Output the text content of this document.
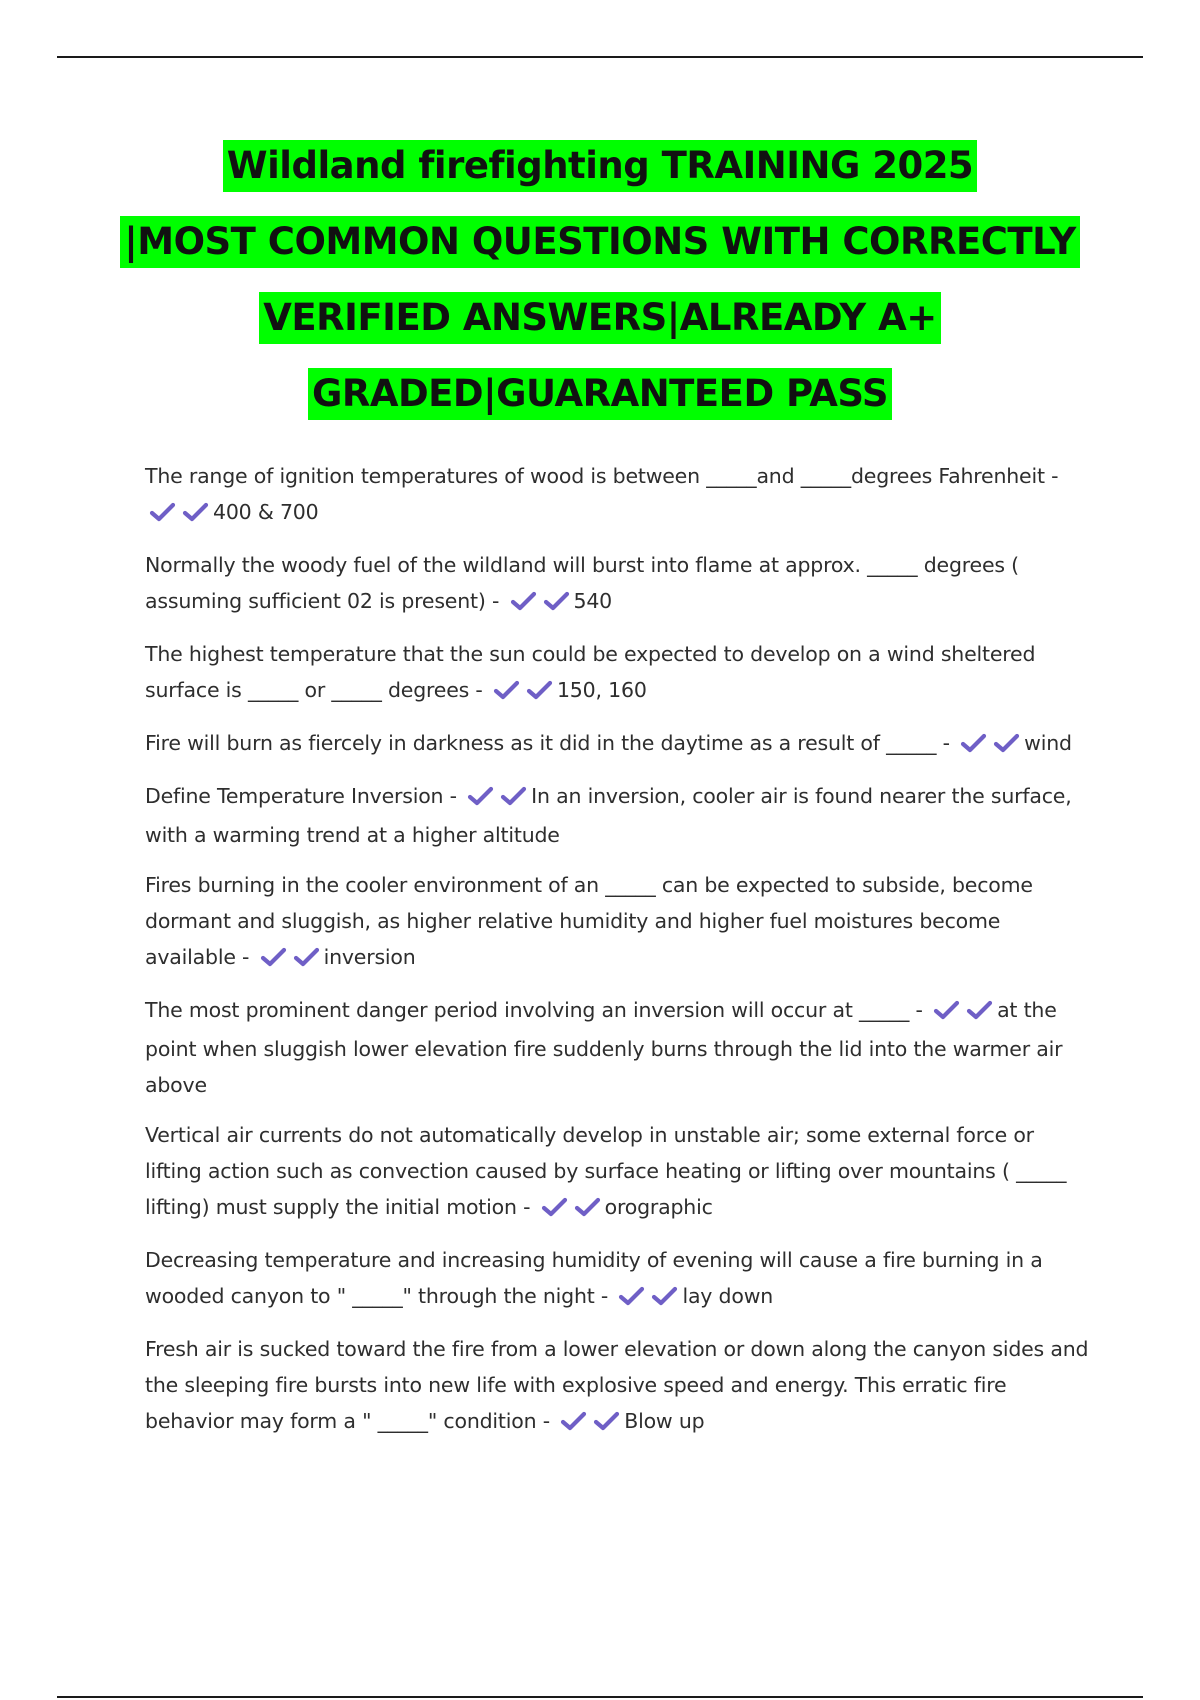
Wildland firefighting TRAINING 2025
|MOST COMMON QUESTIONS WITH CORRECTLY
VERIFIED ANSWERS|ALREADY A+
GRADED|GUARANTEED PASS

The range of ignition temperatures of wood is between _____and _____degrees Fahrenheit - 400 & 700

Normally the woody fuel of the wildland will burst into flame at approx. _____ degrees ( assuming sufficient 02 is present) -	540

The highest temperature that the sun could be expected to develop on a wind sheltered surface is _____ or _____ degrees -	150, 160

Fire will burn as fiercely in darkness as it did in the daytime as a result of _____ -	wind

Define Temperature Inversion -	In an inversion, cooler air is found nearer the surface, with a warming trend at a higher altitude

Fires burning in the cooler environment of an _____ can be expected to subside, become dormant and sluggish, as higher relative humidity and higher fuel moistures become available -	inversion

The most prominent danger period involving an inversion will occur at _____ -	at the point when sluggish lower elevation fire suddenly burns through the lid into the warmer air above

Vertical air currents do not automatically develop in unstable air; some external force or lifting action such as convection caused by surface heating or lifting over mountains ( _____ lifting) must supply the initial motion -	orographic

Decreasing temperature and increasing humidity of evening will cause a fire burning in a wooded canyon to " _____" through the night -	lay down

Fresh air is sucked toward the fire from a lower elevation or down along the canyon sides and the sleeping fire bursts into new life with explosive speed and energy. This erratic fire behavior may form a " _____" condition -	Blow up
